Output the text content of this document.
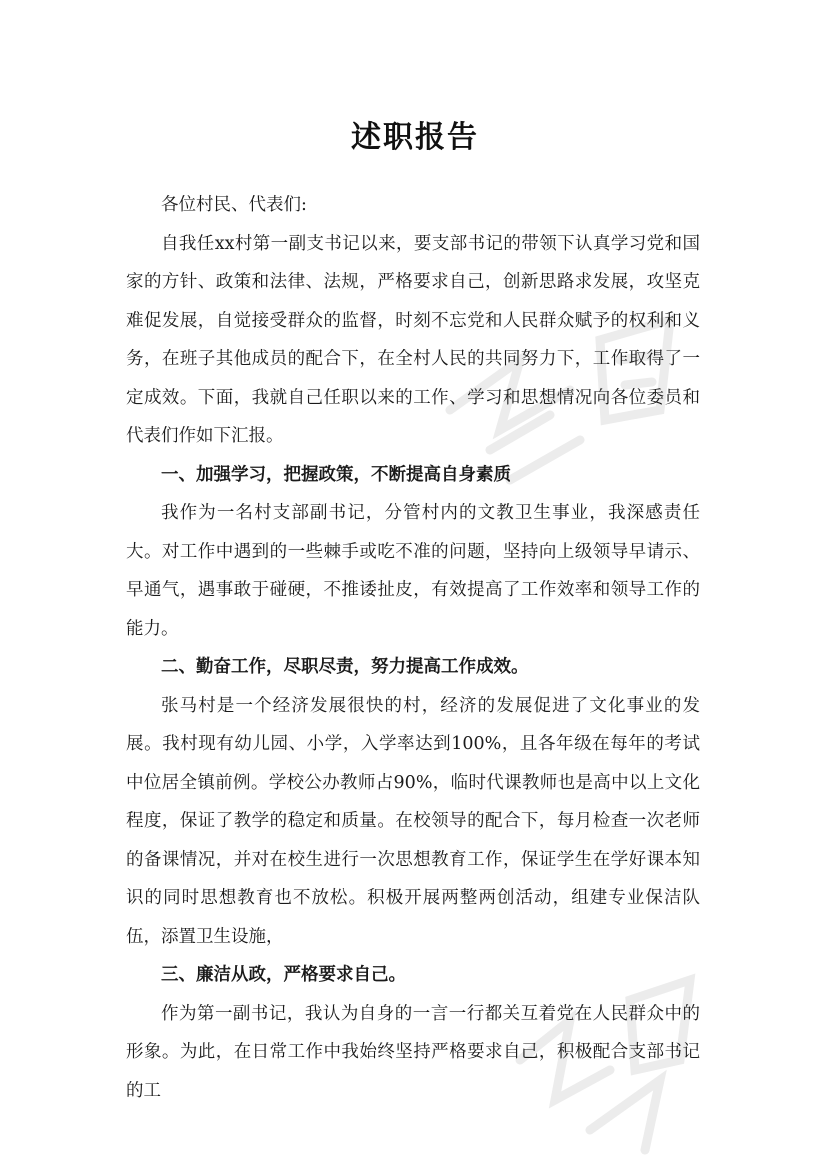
述职报告

各位村民、代表们:

自我任xx村第一副支书记以来，要支部书记的带领下认真学习党和国家的方针、政策和法律、法规，严格要求自己，创新思路求发展，攻坚克难促发展，自觉接受群众的监督，时刻不忘党和人民群众赋予的权利和义务，在班子其他成员的配合下，在全村人民的共同努力下，工作取得了一定成效。下面，我就自己任职以来的工作、学习和思想情况向各位委员和代表们作如下汇报。

一、加强学习，把握政策，不断提高自身素质

我作为一名村支部副书记，分管村内的文教卫生事业，我深感责任大。对工作中遇到的一些棘手或吃不准的问题，坚持向上级领导早请示、早通气，遇事敢于碰硬，不推诿扯皮，有效提高了工作效率和领导工作的能力。

二、勤奋工作，尽职尽责，努力提高工作成效。

张马村是一个经济发展很快的村，经济的发展促进了文化事业的发展。我村现有幼儿园、小学，入学率达到100%，且各年级在每年的考试中位居全镇前例。学校公办教师占90%，临时代课教师也是高中以上文化程度，保证了教学的稳定和质量。在校领导的配合下，每月检查一次老师的备课情况，并对在校生进行一次思想教育工作，保证学生在学好课本知识的同时思想教育也不放松。积极开展两整两创活动，组建专业保洁队伍，添置卫生设施，

三、廉洁从政，严格要求自己。

作为第一副书记，我认为自身的一言一行都关互着党在人民群众中的形象。为此，在日常工作中我始终坚持严格要求自己，积极配合支部书记的工
